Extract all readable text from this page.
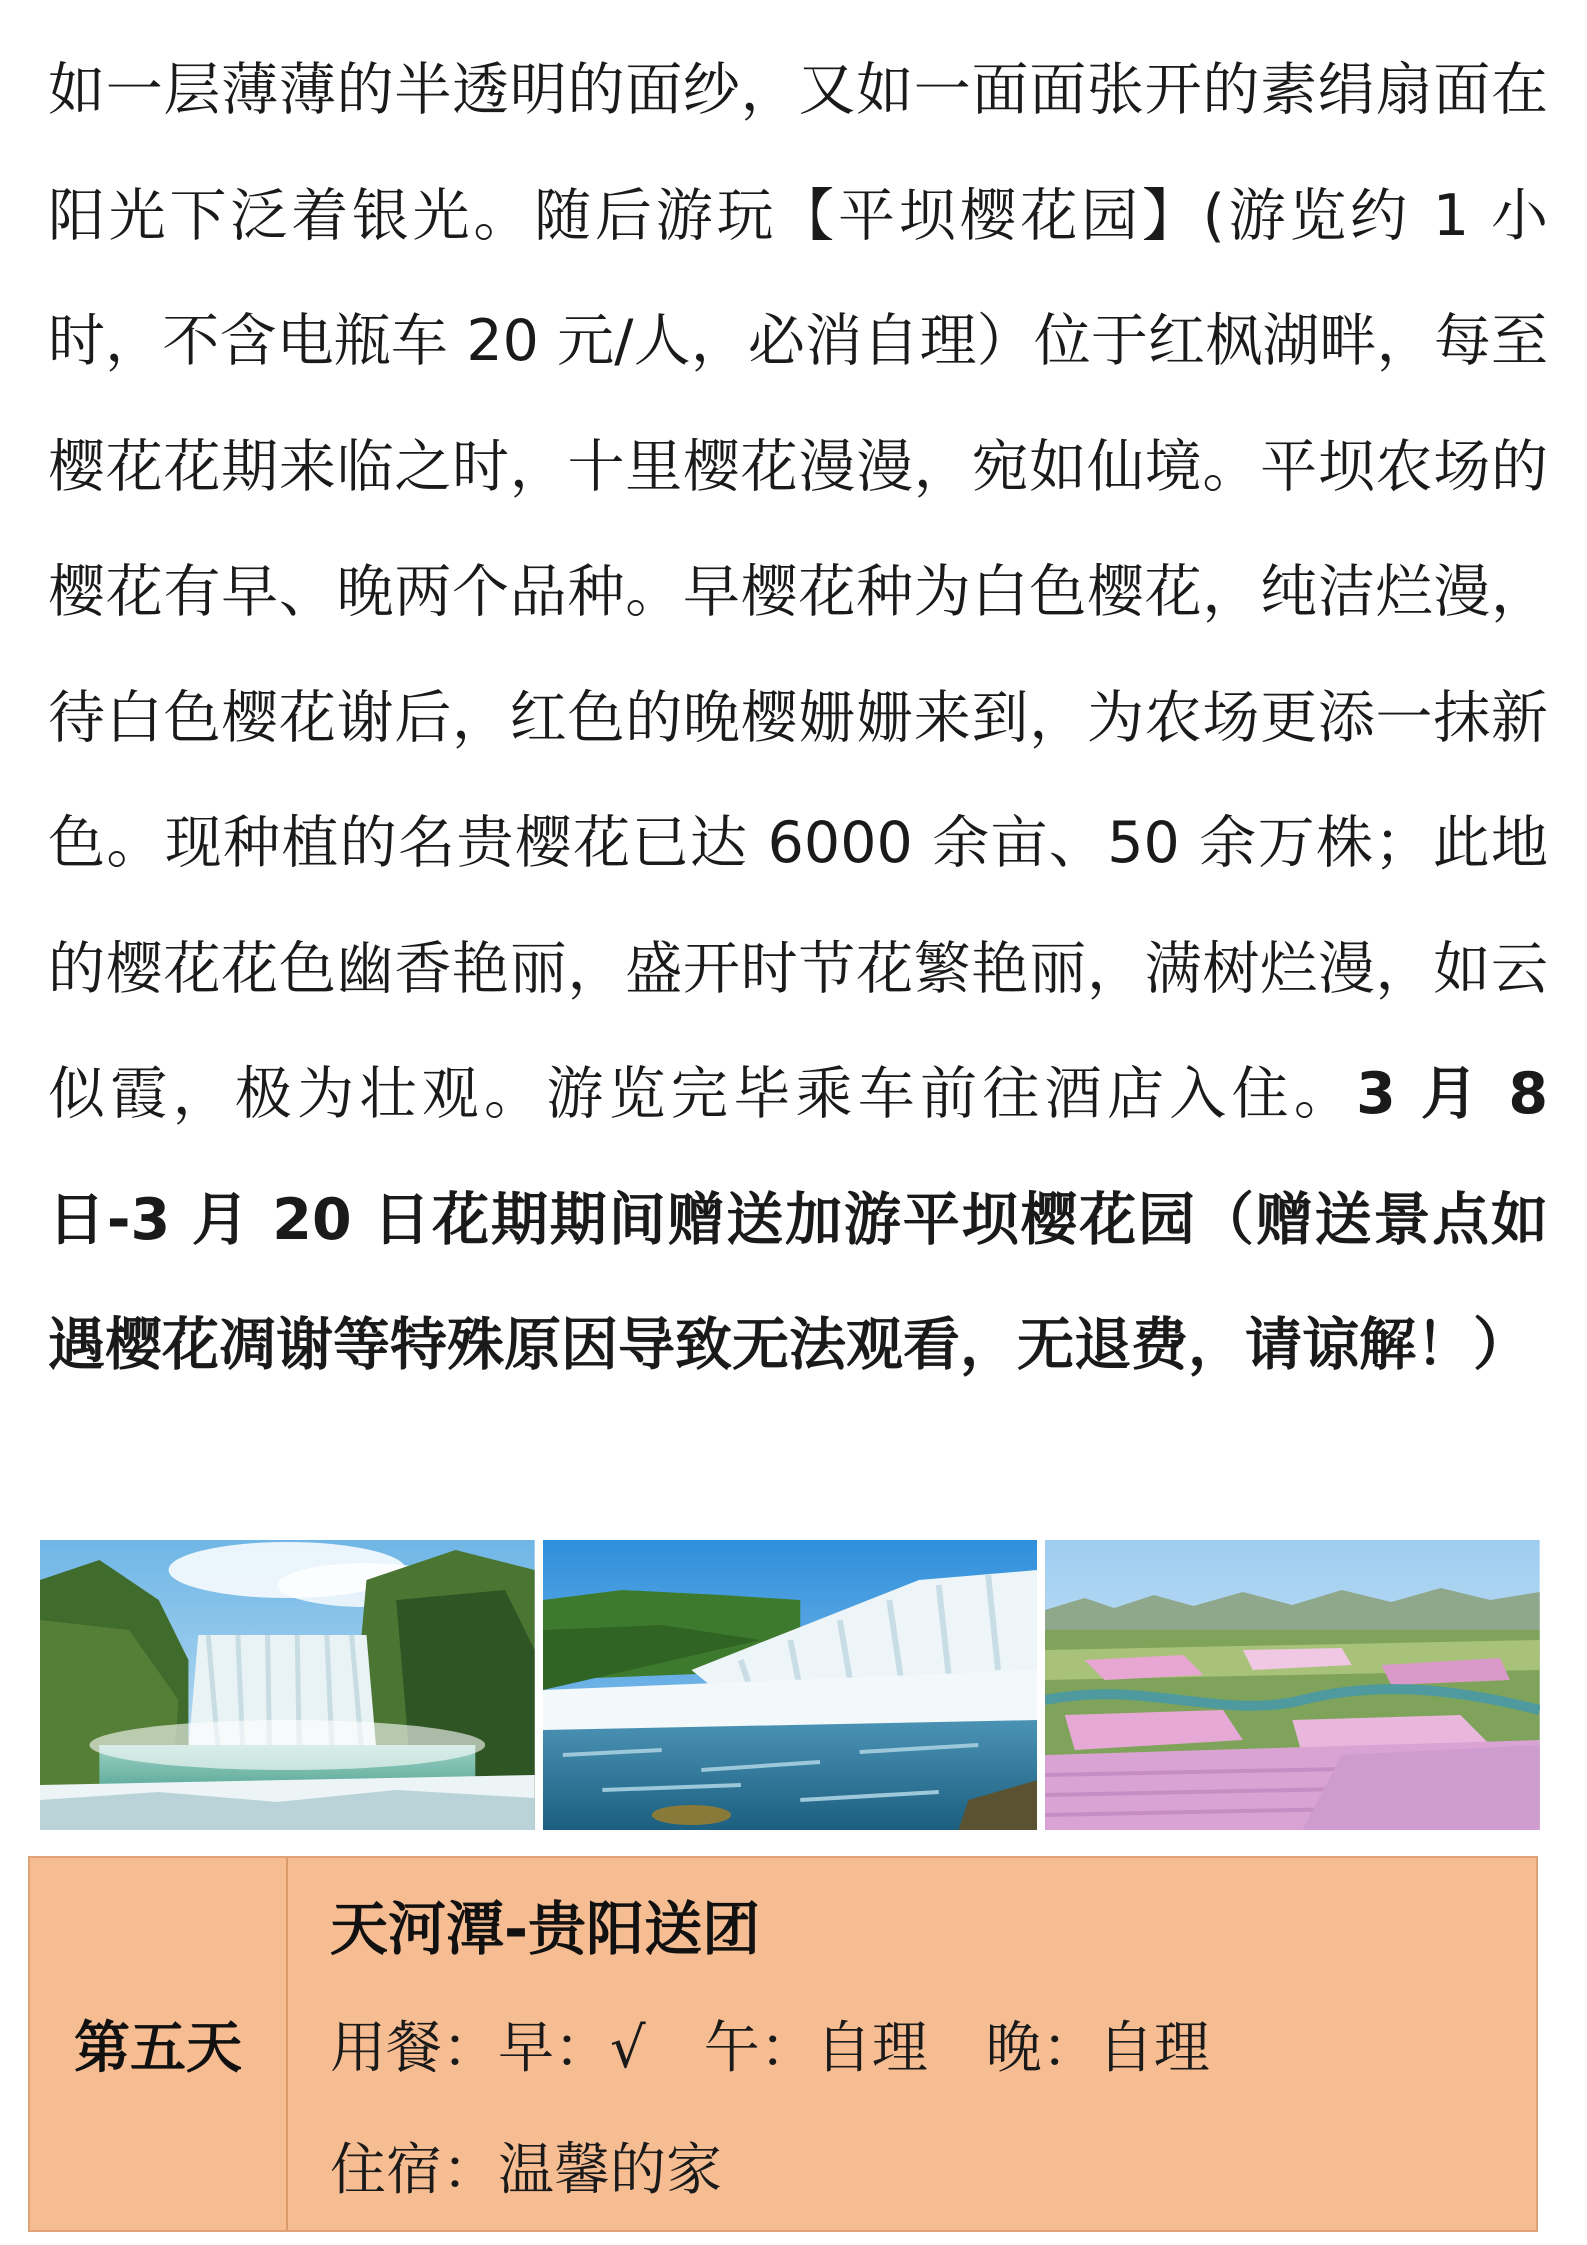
如一层薄薄的半透明的面纱，又如一面面张开的素绢扇面在阳光下泛着银光。随后游玩【平坝樱花园】(游览约 1 小时，不含电瓶车 20 元/人，必消自理）位于红枫湖畔，每至樱花花期来临之时，十里樱花漫漫，宛如仙境。平坝农场的樱花有早、晚两个品种。早樱花种为白色樱花，纯洁烂漫，待白色樱花谢后，红色的晚樱姗姗来到，为农场更添一抹新色。现种植的名贵樱花已达 6000 余亩、50 余万株；此地的樱花花色幽香艳丽，盛开时节花繁艳丽，满树烂漫，如云似霞，极为壮观。游览完毕乘车前往酒店入住。3 月 8 日-3 月 20 日花期期间赠送加游平坝樱花园（赠送景点如遇樱花凋谢等特殊原因导致无法观看，无退费，请谅解！）
第五天
天河潭-贵阳送团
用餐：早：√ 午：自理 晚：自理
住宿：温馨的家
